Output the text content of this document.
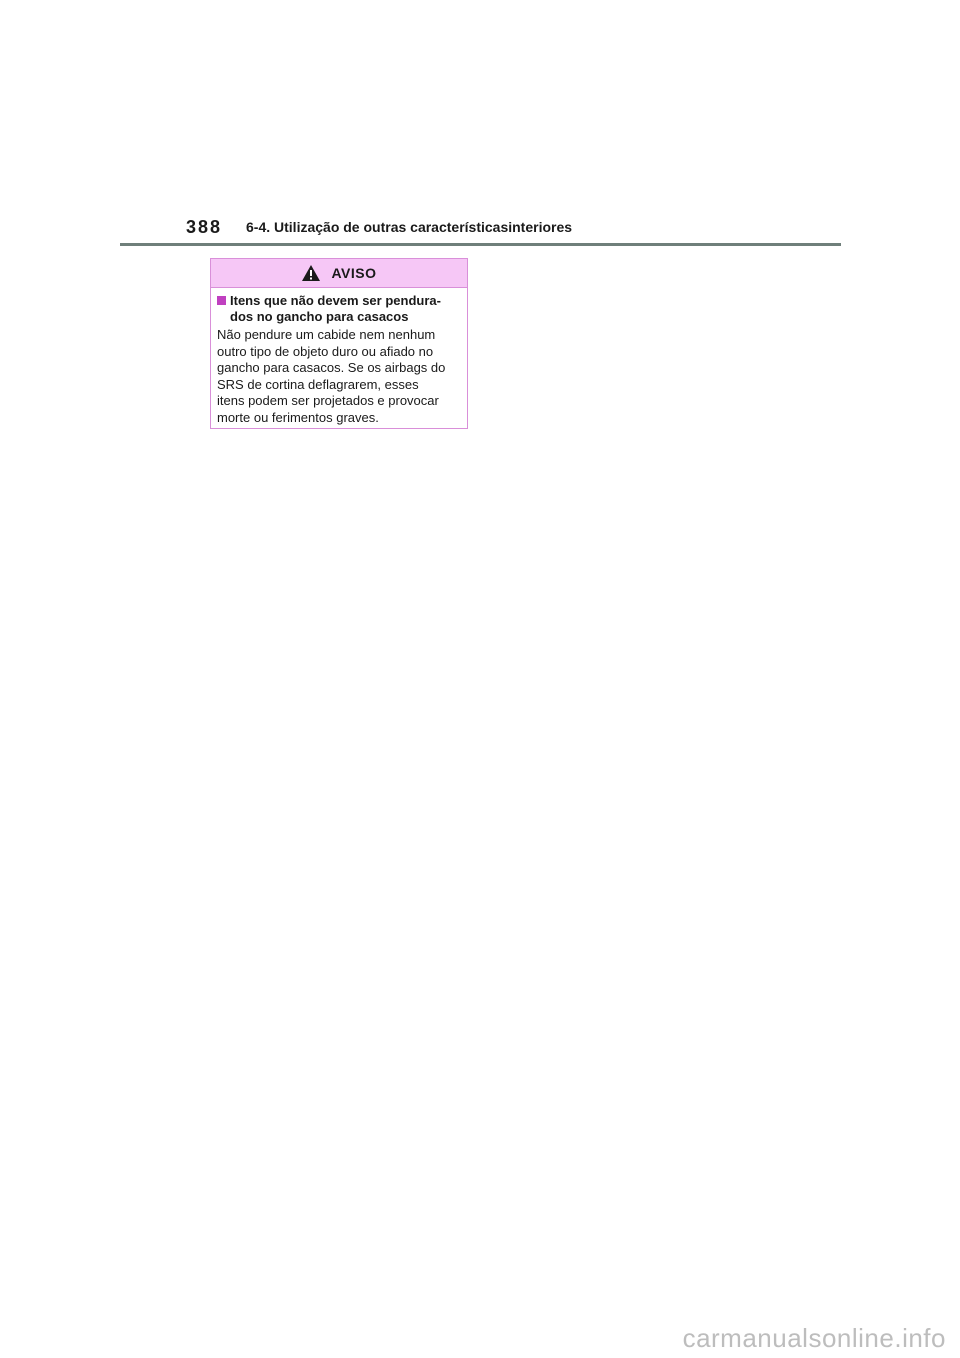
388 6-4. Utilização de outras característicasinteriores
AVISO
Itens que não devem ser pendura-
dos no gancho para casacos
Não pendure um cabide nem nenhum
outro tipo de objeto duro ou afiado no
gancho para casacos. Se os airbags do
SRS de cortina deflagrarem, esses
itens podem ser projetados e provocar
morte ou ferimentos graves.
carmanualsonline.info
